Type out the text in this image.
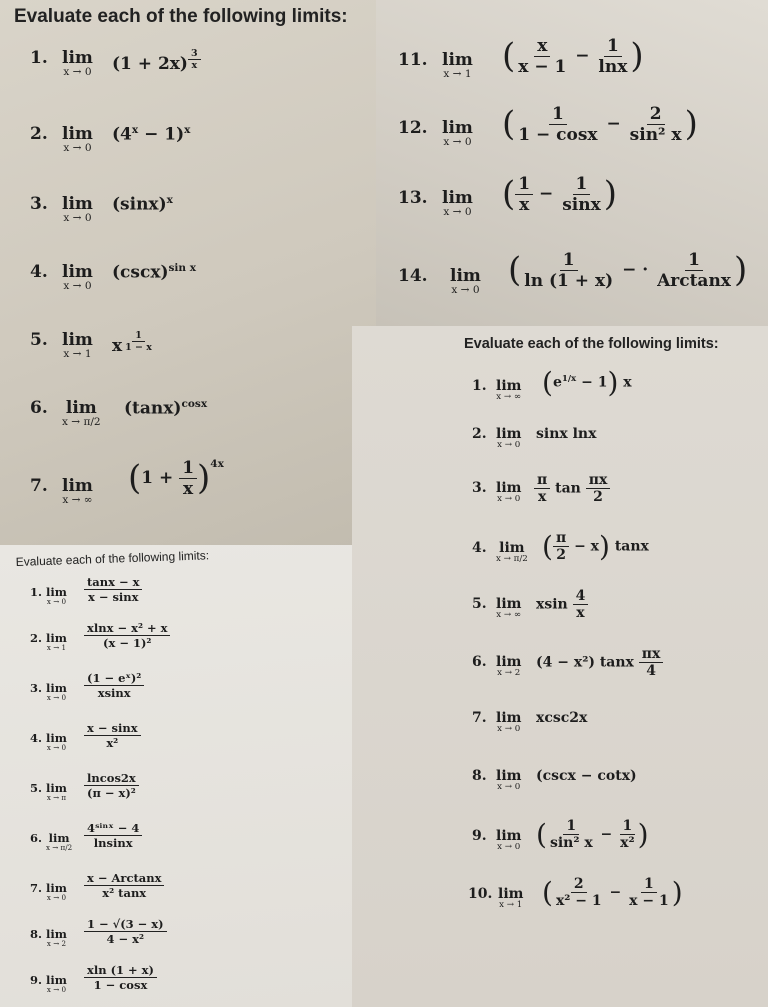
Evaluate each of the following limits:
1. lim
x → 0 (1 + 2x) $^{\frac{3}{x}}$
2. lim
x → 0
$(4^x - 1)^x$
3. lim
x → 0
$(\sin x)^x$
4. lim
x → 0
$(\csc x)^{sin x}$
5. lim
x → 1 x $^{\frac{1}{1 - x}}$
6. lim
x → π/2
$(\tan x)^{cosx}$
7. lim
x → ∞
$(1 + \frac{1}{x} )^{4x}$
11. lim
x → 1 ( $\frac{x}{x - 1} - \frac{1}{\ln x}$ )
12. lim
x → 0 ( $\frac{1}{1 - \cos x} - \frac{2}{\text{sin² x}}$ )
13. lim
x → 0 ( $\frac{1}{x} - \frac{1}{\sin x}$ )
14. lim
x → 0 ( $\frac{1}{\ln (1 + x)}$ − · $\frac{1}{\text{Arctanx}}$ )
Evaluate each of the following limits:
1. lim
x → ∞ $(e^{1/x} - 1)$ x
2. lim
x → 0
sinx lnx
3. lim
$x \to 0 \frac{\pi}{x}$ $\tan \frac{\pi x}{2}$
4. lim
x → π/2 ( $\frac{\pi}{2} - x$) tanx
5. lim
x → ∞
xsin $\frac{4}{x}$
6. lim
x → 2
(4 − x²) tanx $\frac{\pi x}{4}$
7. lim
x → 0
xcsc2x
8. lim
x → 0
(cscx − cotx)
9. lim
x → 0 ( $\frac{1}{\text{sin² x}} - \frac{1}{\text{x²}}$ )
10. lim
x → 1 ( $\frac{2}{\text{x² − 1}} - \frac{1}{x - 1}$ )
Evaluate each of the following limits:
1. lim
$x \to 0 \frac{\tan x - x}{x - \sin x}$
2. lim
$x \to 1 \frac{\text{xlnx − x² + x}}{\text{(x − 1)²}}$
3. lim
$x \to 0 \frac{\text{(1 − eˣ)²}}{xsinx}$
4. lim
$x \to 0 \frac{x - \sin x}{\text{x²}}$
5. lim
x → π $\frac{lncos2x}{\text{(π − x)²}}$
6. lim
$x \to \pi/2 \frac{\text{4ˢⁱⁿˣ − 4}}{lnsinx}$
7. lim
$x \to 0 \frac{\text{x − Arctanx}}{\text{x² tanx}}$
8. lim
$x \to 2 \frac{1 - √(3 - x)}{\text{4 − x²}}$
9. lim
$x \to 0 \frac{xln (1 + x)}{1 - \cos x}$
